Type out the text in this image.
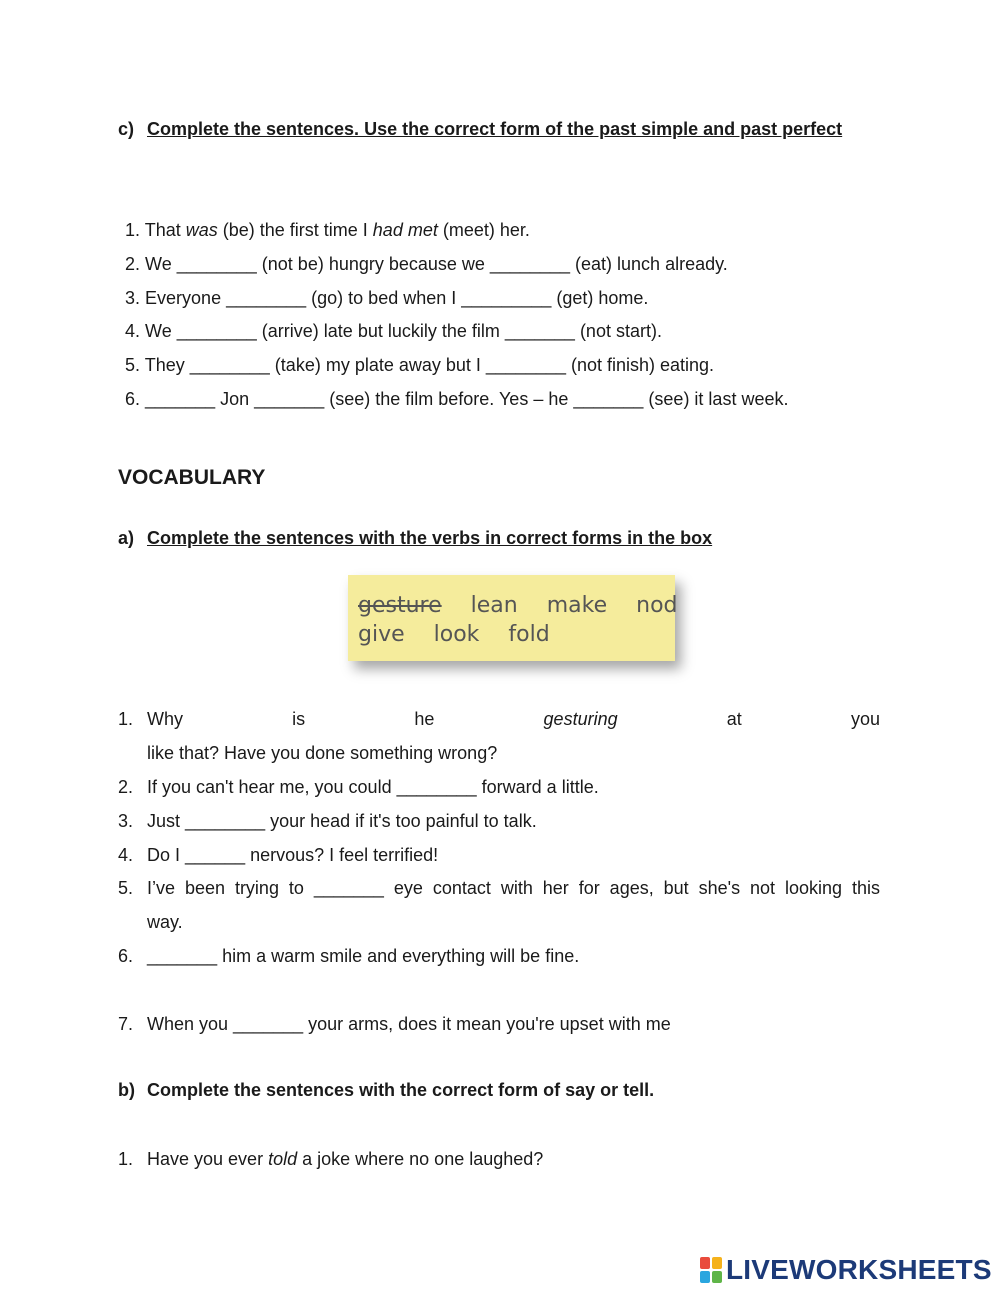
c) Complete the sentences. Use the correct form of the past simple and past perfect
1. That was (be) the first time I had met (meet) her.
2. We ________ (not be) hungry because we ________ (eat) lunch already.
3. Everyone ________ (go) to bed when I _________ (get) home.
4. We ________ (arrive) late but luckily the film _______ (not start).
5. They ________ (take) my plate away but I ________ (not finish) eating.
6. _______ Jon _______ (see) the film before. Yes – he _______ (see) it last week.
VOCABULARY
a) Complete the sentences with the verbs in correct forms in the box
gesture lean make nod
give look fold
1. Why	is	he	gesturing	at	you
like that? Have you done something wrong?
2. If you can't hear me, you could ________ forward a little.
3. Just ________ your head if it's too painful to talk.
4. Do I ______ nervous? I feel terrified!
5. I’ve been trying to _______ eye contact with her for ages, but she's not looking this
way.
6. _______ him a warm smile and everything will be fine.
7. When you _______ your arms, does it mean you're upset with me
b) Complete the sentences with the correct form of say or tell.
1. Have you ever told a joke where no one laughed?
LIVEWORKSHEETS
